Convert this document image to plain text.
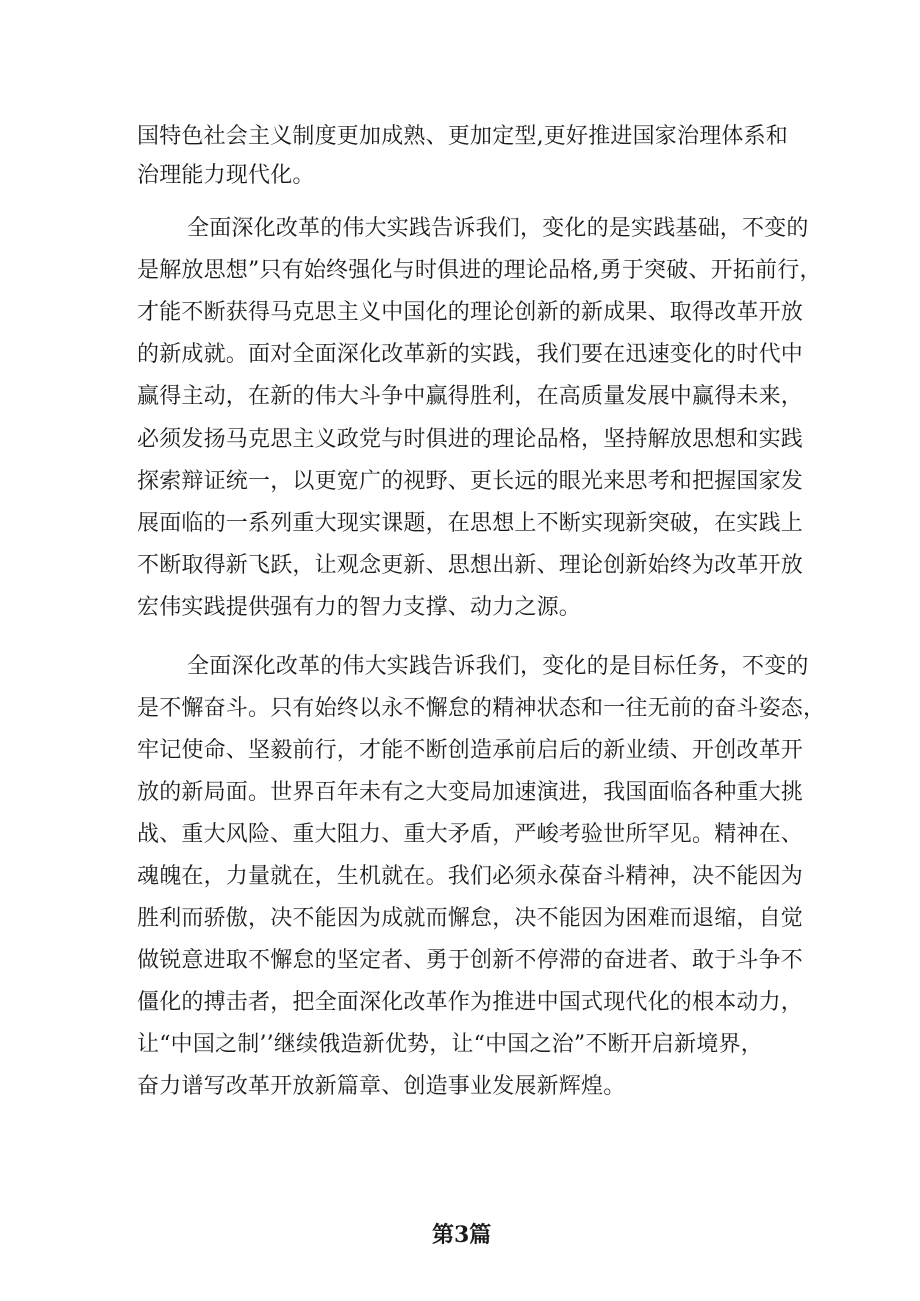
国特色社会主义制度更加成熟、更加定型,更好推进国家治理体系和
治理能力现代化。
全面深化改革的伟大实践告诉我们，变化的是实践基础，不变的
是解放思想”只有始终强化与时俱进的理论品格,勇于突破、开拓前行，
才能不断获得马克思主义中国化的理论创新的新成果、取得改革开放
的新成就。面对全面深化改革新的实践，我们要在迅速变化的时代中
赢得主动，在新的伟大斗争中赢得胜利，在高质量发展中赢得未来，
必须发扬马克思主义政党与时俱进的理论品格，坚持解放思想和实践
探索辩证统一，以更宽广的视野、更长远的眼光来思考和把握国家发
展面临的一系列重大现实课题，在思想上不断实现新突破，在实践上
不断取得新飞跃，让观念更新、思想出新、理论创新始终为改革开放
宏伟实践提供强有力的智力支撑、动力之源。
全面深化改革的伟大实践告诉我们，变化的是目标任务，不变的
是不懈奋斗。只有始终以永不懈怠的精神状态和一往无前的奋斗姿态，
牢记使命、坚毅前行，才能不断创造承前启后的新业绩、开创改革开
放的新局面。世界百年未有之大变局加速演进，我国面临各种重大挑
战、重大风险、重大阻力、重大矛盾，严峻考验世所罕见。精神在、
魂魄在，力量就在，生机就在。我们必须永葆奋斗精神，决不能因为
胜利而骄傲，决不能因为成就而懈怠，决不能因为困难而退缩，自觉
做锐意进取不懈怠的坚定者、勇于创新不停滞的奋进者、敢于斗争不
僵化的搏击者，把全面深化改革作为推进中国式现代化的根本动力，
让“中国之制’’继续俄造新优势，让“中国之治”不断开启新境界，
奋力谱写改革开放新篇章、创造事业发展新辉煌。
第3篇
